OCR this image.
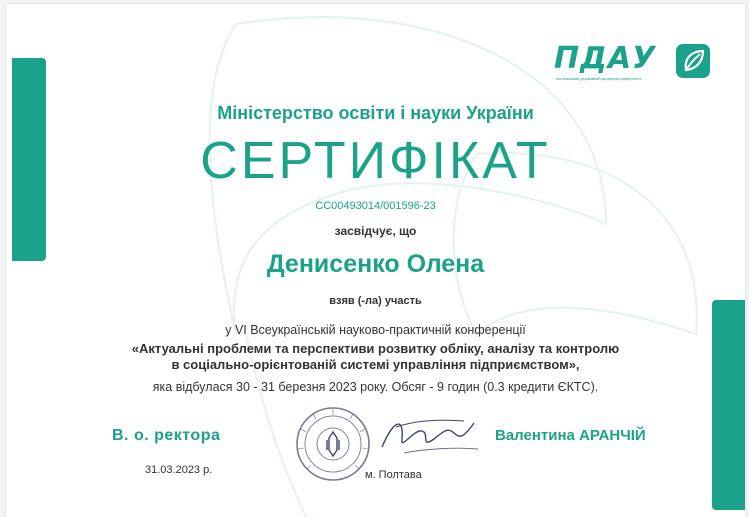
ПДАУ
полтавський державний аграрний університет
Міністерство освіти і науки України
СЕРТИФІКАТ
СС00493014/001596-23
засвідчує, що
Денисенко Олена
взяв (-ла) участь
у VI Всеукраїнській науково-практичній конференції
«Актуальні проблеми та перспективи розвитку обліку, аналізу та контролю
в соціально-орієнтованій системі управління підприємством»,
яка відбулася 30 - 31 березня 2023 року. Обсяг - 9 годин (0.3 кредити ЄКТС).
В. о. ректора	Валентина АРАНЧІЙ
31.03.2023 р.	м. Полтава
